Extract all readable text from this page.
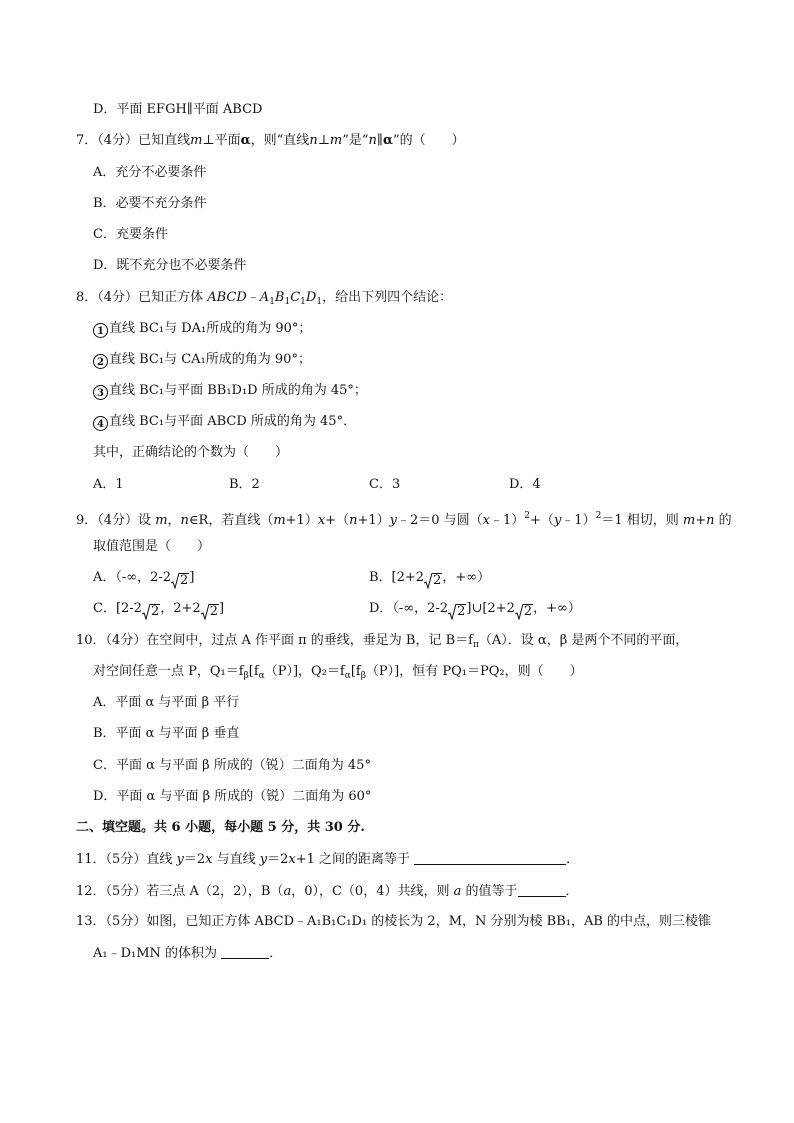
D．平面 EFGH∥平面 ABCD
7．（4分）已知直线m⊥平面α，则“直线n⊥m”是“n∥α”的（　　）
A．充分不必要条件
B．必要不充分条件
C．充要条件
D．既不充分也不必要条件
8．（4分）已知正方体 $ABCD﹣A_1B_1C_1D_1$，给出下列四个结论：
1 直线 BC₁与 DA₁所成的角为 90°；
2 直线 BC₁与 CA₁所成的角为 90°；
3 直线 BC₁与平面 BB₁D₁D 所成的角为 45°；
4 直线 BC₁与平面 ABCD 所成的角为 45°．
其中，正确结论的个数为（　　）
A．1	B．2	C．3	D．4
9．（4分）设 m，n∈R，若直线（m+1）x+（n+1）y﹣2＝0 与圆（x﹣1）$^2$+（y﹣1）$^2$＝1 相切，则 m+n 的
取值范围是（　　）
A．（-∞，2-2 2]	B．[2+2 2，+∞）
C．[2-2 2，2+2 2]	D．（-∞，2-2 2]∪[2+2 2，+∞）
10．（4分）在空间中，过点 A 作平面 π 的垂线，垂足为 B，记 $B=f_\pi(A)$．设 α，β 是两个不同的平面，
对空间任意一点 P，$Q_1=f_\beta[f_\alpha(P)]$，$Q_2=f_\alpha[f_\beta(P)]$，恒有 PQ₁＝PQ₂，则（　　）
A．平面 α 与平面 β 平行
B．平面 α 与平面 β 垂直
C．平面 α 与平面 β 所成的（锐）二面角为 45°
D．平面 α 与平面 β 所成的（锐）二面角为 60°
二、填空题。共 6 小题，每小题 5 分，共 30 分.
11．（5分）直线 y＝2x 与直线 y＝2x+1 之间的距离等于	．
12．（5分）若三点 A（2，2），B（a，0），C（0，4）共线，则 a 的值等于	．
13．（5分）如图，已知正方体 ABCD﹣A₁B₁C₁D₁ 的棱长为 2，M，N 分别为棱 BB₁，AB 的中点，则三棱锥
A₁﹣D₁MN 的体积为	．
